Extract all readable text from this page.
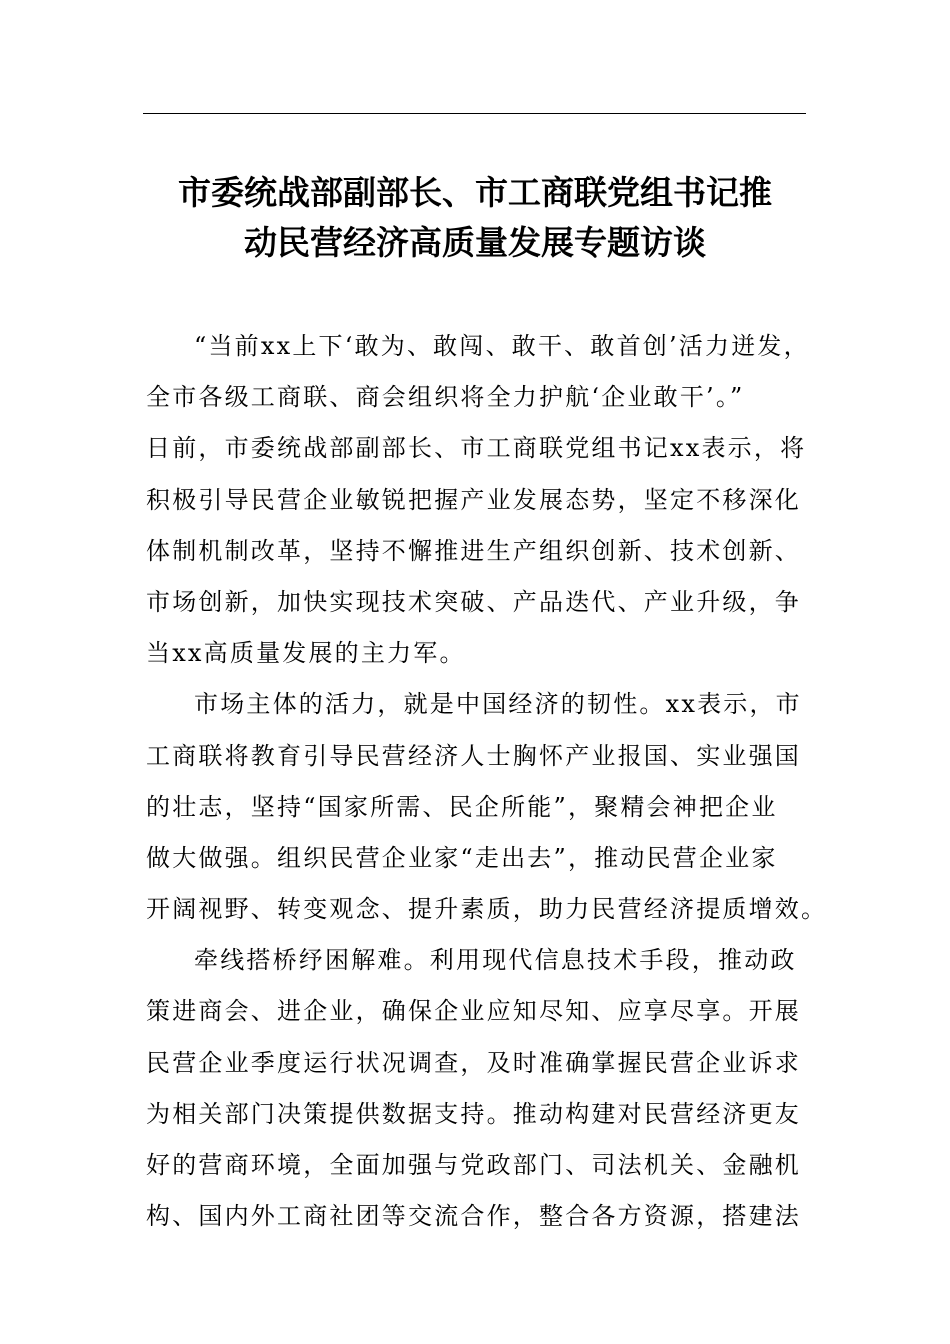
市委统战部副部长、市工商联党组书记推
动民营经济高质量发展专题访谈

“当前xx上下‘敢为、敢闯、敢干、敢首创’活力迸发，
全市各级工商联、商会组织将全力护航‘企业敢干’。”
日前，市委统战部副部长、市工商联党组书记xx表示，将
积极引导民营企业敏锐把握产业发展态势，坚定不移深化
体制机制改革，坚持不懈推进生产组织创新、技术创新、
市场创新，加快实现技术突破、产品迭代、产业升级，争
当xx高质量发展的主力军。

市场主体的活力，就是中国经济的韧性。xx表示，市
工商联将教育引导民营经济人士胸怀产业报国、实业强国
的壮志，坚持“国家所需、民企所能”，聚精会神把企业
做大做强。组织民营企业家“走出去”，推动民营企业家
开阔视野、转变观念、提升素质，助力民营经济提质增效。

牵线搭桥纾困解难。利用现代信息技术手段，推动政
策进商会、进企业，确保企业应知尽知、应享尽享。开展
民营企业季度运行状况调查，及时准确掌握民营企业诉求
为相关部门决策提供数据支持。推动构建对民营经济更友
好的营商环境，全面加强与党政部门、司法机关、金融机
构、国内外工商社团等交流合作，整合各方资源，搭建法
